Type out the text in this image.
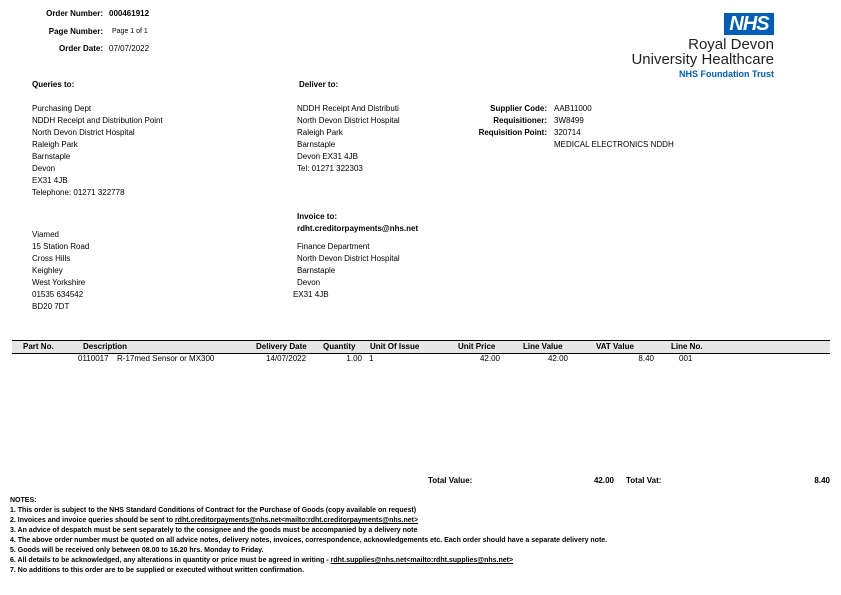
Order Number: 000461912
Page Number: Page 1 of 1
Order Date: 07/07/2022
NHS
Royal Devon
University Healthcare
NHS Foundation Trust
Queries to:
Purchasing Dept
NDDH Receipt and Distribution Point
North Devon District Hospital
Raleigh Park
Barnstaple
Devon
EX31 4JB
Telephone: 01271 322778
Deliver to:
NDDH Receipt And Distributi
North Devon District Hospital
Raleigh Park
Barnstaple
Devon EX31 4JB
Tel: 01271 322303
Supplier Code: AAB11000
Requisitioner: 3W8499
Requisition Point: 320714
MEDICAL ELECTRONICS NDDH
Viamed
15 Station Road
Cross Hills
Keighley
West Yorkshire
01535 634542
BD20 7DT
Invoice to:
rdht.creditorpayments@nhs.net
Finance Department
North Devon District Hospital
Barnstaple
Devon
EX31 4JB
Part No.	Description	Delivery Date Quantity Unit Of Issue	Unit Price	Line Value	VAT Value	Line No.
0110017 R-17med Sensor or MX300	14/07/2022	1.00 1	42.00	42.00	8.40	001
Total Value:	42.00 Total Vat:	8.40
NOTES:
1. This order is subject to the NHS Standard Conditions of Contract for the Purchase of Goods (copy available on request)
2. Invoices and invoice queries should be sent to rdht.creditorpayments@nhs.net<mailto:rdht.creditorpayments@nhs.net>
3. An advice of despatch must be sent separately to the consignee and the goods must be accompanied by a delivery note
4. The above order number must be quoted on all advice notes, delivery notes, invoices, correspondence, acknowledgements etc. Each order should have a separate delivery note.
5. Goods will be received only between 08.00 to 16.20 hrs. Monday to Friday.
6. All details to be acknowledged, any alterations in quantity or price must be agreed in writing - rdht.supplies@nhs.net<mailto:rdht.supplies@nhs.net>
7. No additions to this order are to be supplied or executed without written confirmation.
